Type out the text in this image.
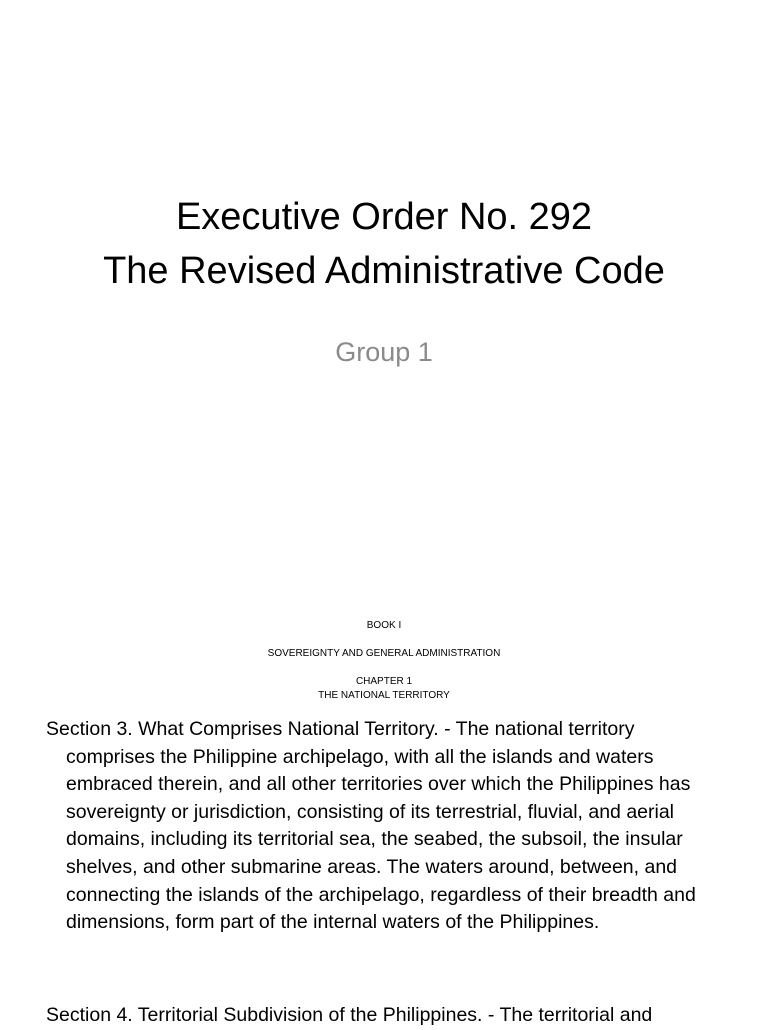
Executive Order No. 292
The Revised Administrative Code

Group 1

BOOK I

SOVEREIGNTY AND GENERAL ADMINISTRATION

CHAPTER 1

THE NATIONAL TERRITORY

Section 3. What Comprises National Territory. - The national territory comprises the Philippine archipelago, with all the islands and waters embraced therein, and all other territories over which the Philippines has sovereignty or jurisdiction, consisting of its terrestrial, fluvial, and aerial domains, including its territorial sea, the seabed, the subsoil, the insular shelves, and other submarine areas. The waters around, between, and connecting the islands of the archipelago, regardless of their breadth and dimensions, form part of the internal waters of the Philippines.

Section 4. Territorial Subdivision of the Philippines. - The territorial and
